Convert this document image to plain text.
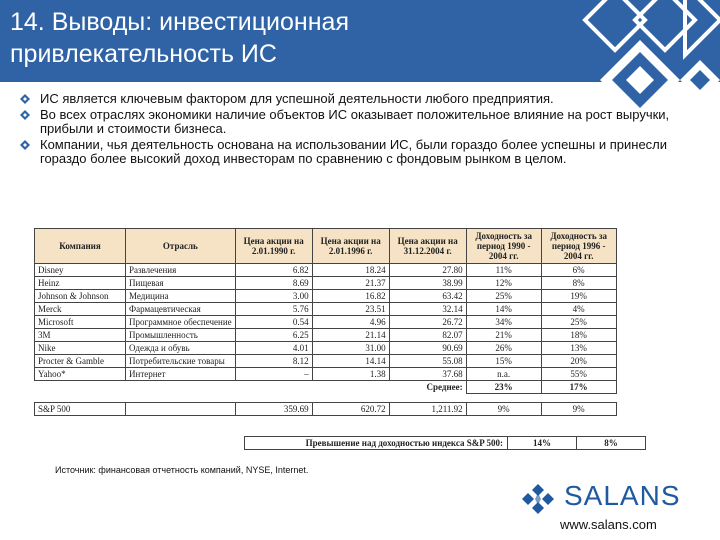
14. Выводы: инвестиционная привлекательность ИС
ИС является ключевым фактором для успешной деятельности любого предприятия.
Во всех отраслях экономики наличие объектов ИС оказывает положительное влияние на рост выручки, прибыли и стоимости бизнеса.
Компании, чья деятельность основана на использовании ИС, были гораздо более успешны и принесли гораздо более высокий доход инвесторам по сравнению с фондовым рынком в целом.
Компания	Отрасль	Цена акции на 2.01.1990 г.	Цена акции на 2.01.1996 г.	Цена акции на 31.12.2004 г.	Доходность за период 1990 - 2004 гг.	Доходность за период 1996 - 2004 гг.
Disney	Развлечения	6.82	18.24	27.80	11%	6%
Heinz	Пищевая	8.69	21.37	38.99	12%	8%
Johnson & Johnson	Медицина	3.00	16.82	63.42	25%	19%
Merck	Фармацевтическая	5.76	23.51	32.14	14%	4%
Microsoft	Программное обеспечение	0.54	4.96	26.72	34%	25%
3M	Промышленность	6.25	21.14	82.07	21%	18%
Nike	Одежда и обувь	4.01	31.00	90.69	26%	13%
Procter & Gamble	Потребительские товары	8.12	14.14	55.08	15%	20%
Yahoo*	Интернет	–	1.38	37.68	n.a.	55%
Среднее:					23%	17%

S&P 500		359.69	620.72	1,211.92	9%	9%
Превышение над доходностью индекса S&P 500:	14%	8%
Источник: финансовая отчетность компаний, NYSE, Internet.
SALANS
www.salans.com
